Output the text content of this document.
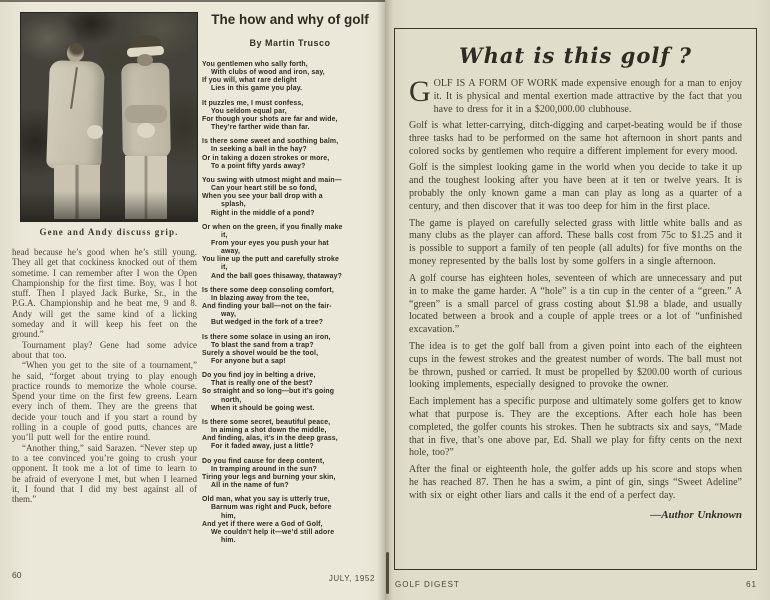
Gene and Andy discuss grip.

head because he’s good when he’s still young. They all get that cockiness knocked out of them sometime. I can remember after I won the Open Championship for the first time. Boy, was I hot stuff. Then I played Jack Burke, Sr., in the P.G.A. Championship and he beat me, 9 and 8. Andy will get the same kind of a licking someday and it will keep his feet on the ground.”

Tournament play? Gene had some advice about that too.

“When you get to the site of a tournament,” he said, “forget about trying to play enough practice rounds to memorize the whole course. Spend your time on the first few greens. Learn every inch of them. They are the greens that decide your touch and if you start a round by rolling in a couple of good putts, chances are you’ll putt well for the entire round.

“Another thing,” said Sarazen. “Never step up to a tee convinced you’re going to crush your opponent. It took me a lot of time to learn to be afraid of everyone I met, but when I learned it, I found that I did my best against all of them.”

The how and why of golf
By Martin Trusco
You gentlemen who sally forth,
With clubs of wood and iron, say,
If you will, what rare delight
Lies in this game you play.
It puzzles me, I must confess,
You seldom equal par,
For though your shots are far and wide,
They’re farther wide than far.
Is there some sweet and soothing balm,
In seeking a ball in the hay?
Or in taking a dozen strokes or more,
To a point fifty yards away?
You swing with utmost might and main—
Can your heart still be so fond,
When you see your ball drop with a
splash,
Right in the middle of a pond?
Or when on the green, if you finally make
it,
From your eyes you push your hat
away,
You line up the putt and carefully stroke
it,
And the ball goes thisaway, thataway?
Is there some deep consoling comfort,
In blazing away from the tee,
And finding your ball—not on the fair-
way,
But wedged in the fork of a tree?
Is there some solace in using an iron,
To blast the sand from a trap?
Surely a shovel would be the tool,
For anyone but a sap!
Do you find joy in belting a drive,
That is really one of the best?
So straight and so long—but it’s going
north,
When it should be going west.
Is there some secret, beautiful peace,
In aiming a shot down the middle,
And finding, alas, it’s in the deep grass,
For it faded away, just a little?
Do you find cause for deep content,
In tramping around in the sun?
Tiring your legs and burning your skin,
All in the name of fun?
Old man, what you say is utterly true,
Barnum was right and Puck, before
him,
And yet if there were a God of Golf,
We couldn’t help it—we’d still adore
him.
60	JULY, 1952
What is this golf ?

GOLF IS A FORM OF WORK made expensive enough for a man to enjoy it. It is physical and mental exertion made attractive by the fact that you have to dress for it in a $200,000.00 clubhouse.

Golf is what letter-carrying, ditch-digging and carpet-beating would be if those three tasks had to be performed on the same hot afternoon in short pants and colored socks by gentlemen who require a different implement for every mood.

Golf is the simplest looking game in the world when you decide to take it up and the toughest looking after you have been at it ten or twelve years. It is probably the only known game a man can play as long as a quarter of a century, and then discover that it was too deep for him in the first place.

The game is played on carefully selected grass with little white balls and as many clubs as the player can afford. These balls cost from 75c to $1.25 and it is possible to support a family of ten people (all adults) for five months on the money represented by the balls lost by some golfers in a single afternoon.

A golf course has eighteen holes, seventeen of which are unnecessary and put in to make the game harder. A “hole” is a tin cup in the center of a “green.” A “green” is a small parcel of grass costing about $1.98 a blade, and usually located between a brook and a couple of apple trees or a lot of “unfinished excavation.”

The idea is to get the golf ball from a given point into each of the eighteen cups in the fewest strokes and the greatest number of words. The ball must not be thrown, pushed or carried. It must be propelled by $200.00 worth of curious looking implements, especially designed to provoke the owner.

Each implement has a specific purpose and ultimately some golfers get to know what that purpose is. They are the exceptions. After each hole has been completed, the golfer counts his strokes. Then he subtracts six and says, “Made that in five, that’s one above par, Ed. Shall we play for fifty cents on the next hole, too?”

After the final or eighteenth hole, the golfer adds up his score and stops when he has reached 87. Then he has a swim, a pint of gin, sings “Sweet Adeline” with six or eight other liars and calls it the end of a perfect day.

—Author Unknown
GOLF DIGEST	61
